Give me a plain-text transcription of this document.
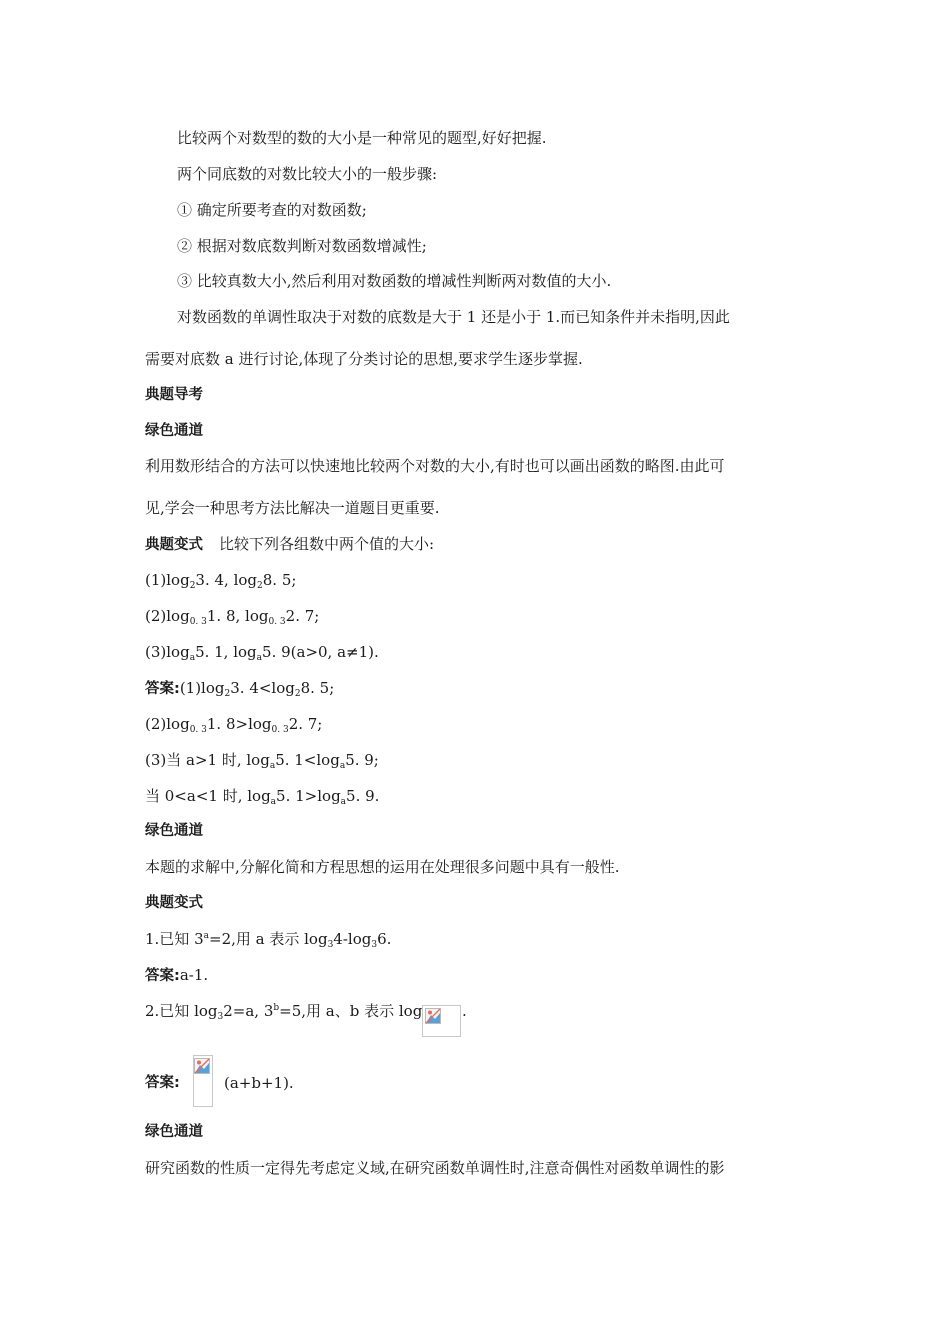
比较两个对数型的数的大小是一种常见的题型,好好把握.
两个同底数的对数比较大小的一般步骤:
① 确定所要考查的对数函数;
② 根据对数底数判断对数函数增减性;
③ 比较真数大小,然后利用对数函数的增减性判断两对数值的大小.
对数函数的单调性取决于对数的底数是大于 1 还是小于 1.而已知条件并未指明,因此
需要对底数 a 进行讨论,体现了分类讨论的思想,要求学生逐步掌握.
典题导考
绿色通道
利用数形结合的方法可以快速地比较两个对数的大小,有时也可以画出函数的略图.由此可
见,学会一种思考方法比解决一道题目更重要.
典题变式 比较下列各组数中两个值的大小:
$(1)\log_23$. 4, $\log_28$. 5;
$(2)\log_{0. 3}1$. 8, $\log_{0. 3}2$. 7;
$(3)\log_a5$. 1, $\log_a5$. 9(a>0, a≠1).
答案$:(1)\log_23$. $4<\log_28$. 5;
$(2)\log_{0. 3}1$. $8>\log_{0. 3}2$. 7;
(3)当 a>1 时, $\log_a5$. $1<\log_a5$. 9;
当 0<a<1 时, $\log_a5$. $1>\log_a5$. 9.
绿色通道
本题的求解中,分解化简和方程思想的运用在处理很多问题中具有一般性.
典题变式
1.已知 $3^a=2$,用 a 表示 $\log_34-\log_36$.
答案:a-1.
2.已知 $\log_32=a$, $3^b=5$,用 a、b 表示 log	.
答案:	(a+b+1).
绿色通道
研究函数的性质一定得先考虑定义域,在研究函数单调性时,注意奇偶性对函数单调性的影
